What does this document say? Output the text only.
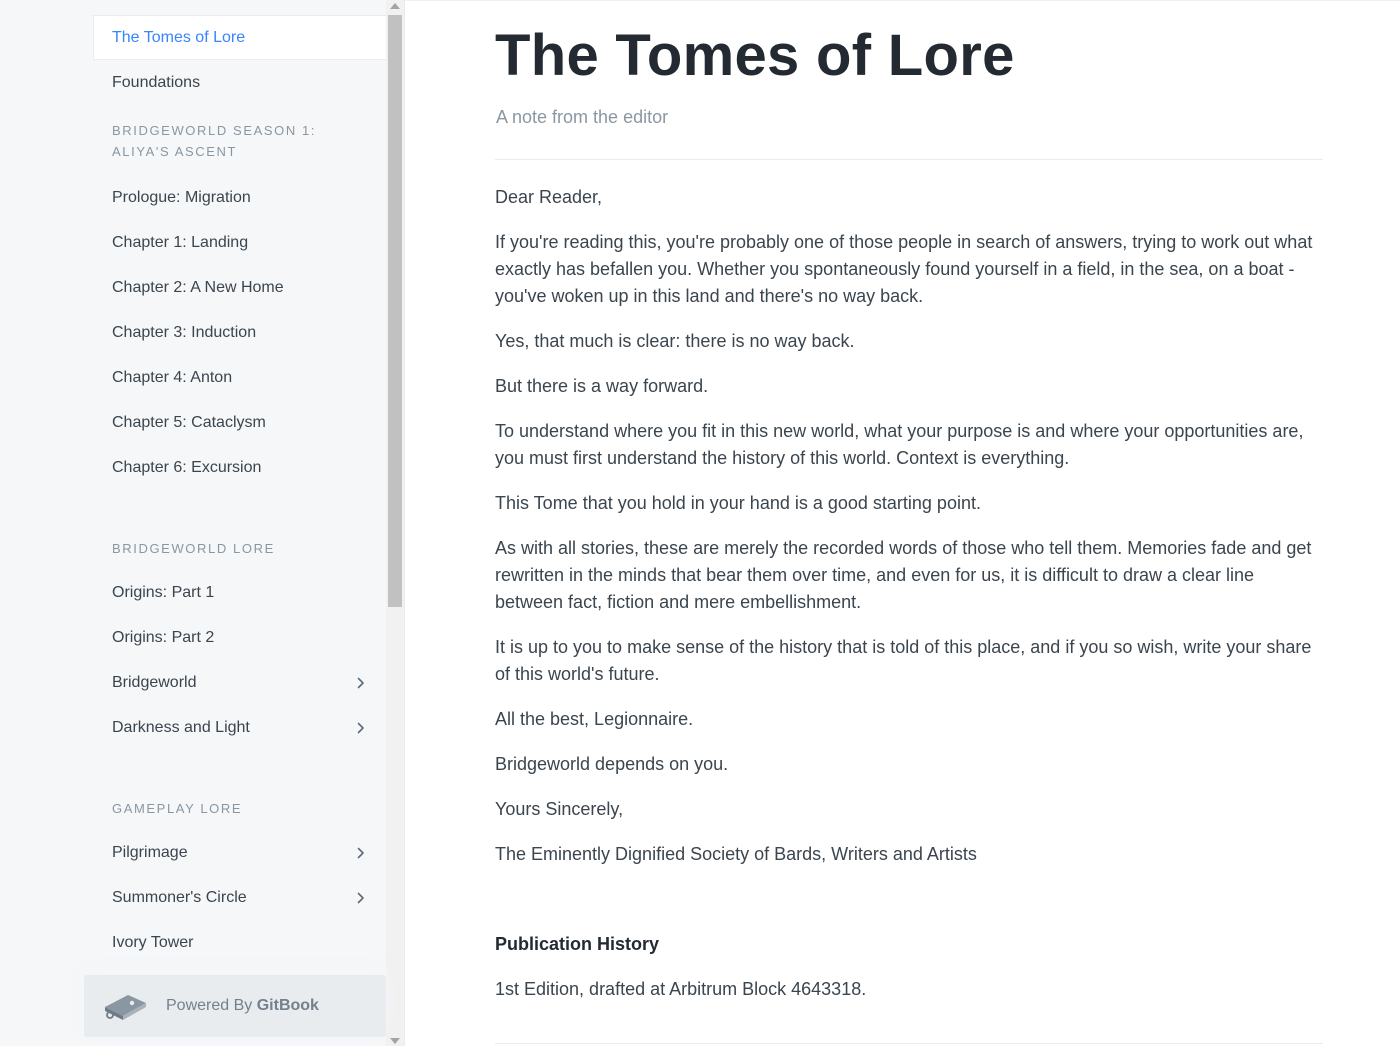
The Tomes of Lore
Foundations
BRIDGEWORLD SEASON 1: ALIYA'S ASCENT
Prologue: Migration
Chapter 1: Landing
Chapter 2: A New Home
Chapter 3: Induction
Chapter 4: Anton
Chapter 5: Cataclysm
Chapter 6: Excursion
BRIDGEWORLD LORE
Origins: Part 1
Origins: Part 2
Bridgeworld
Darkness and Light
GAMEPLAY LORE
Pilgrimage
Summoner's Circle
Ivory Tower
Powered By GitBook
The Tomes of Lore
A note from the editor

Dear Reader,

If you're reading this, you're probably one of those people in search of answers, trying to work out what exactly has befallen you. Whether you spontaneously found yourself in a field, in the sea, on a boat - you've woken up in this land and there's no way back.

Yes, that much is clear: there is no way back.

But there is a way forward.

To understand where you fit in this new world, what your purpose is and where your opportunities are, you must first understand the history of this world. Context is everything.

This Tome that you hold in your hand is a good starting point.

As with all stories, these are merely the recorded words of those who tell them. Memories fade and get rewritten in the minds that bear them over time, and even for us, it is difficult to draw a clear line between fact, fiction and mere embellishment.

It is up to you to make sense of the history that is told of this place, and if you so wish, write your share of this world's future.

All the best, Legionnaire.

Bridgeworld depends on you.

Yours Sincerely,

The Eminently Dignified Society of Bards, Writers and Artists

Publication History

1st Edition, drafted at Arbitrum Block 4643318.
